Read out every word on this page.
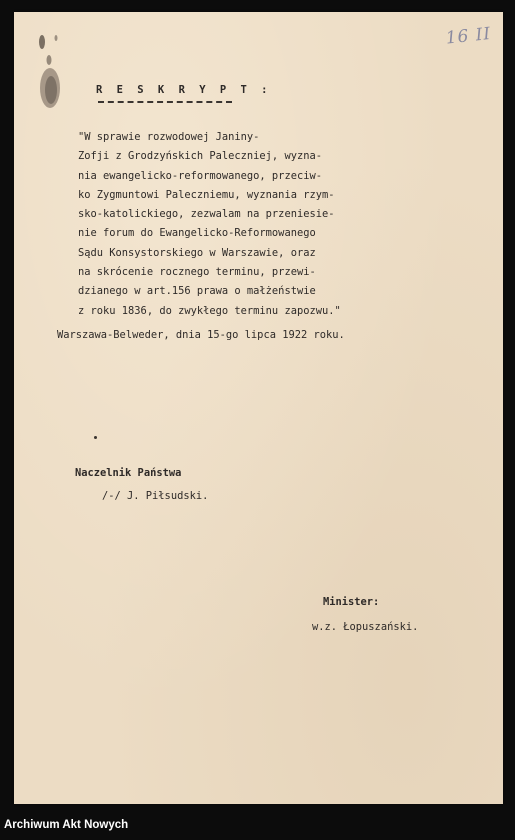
16 II
R E S K R Y P T :
"W sprawie rozwodowej Janiny-
Zofji z Grodzyńskich Paleczniej, wyzna-
nia ewangelicko-reformowanego, przeciw-
ko Zygmuntowi Paleczniemu, wyznania rzym-
sko-katolickiego, zezwalam na przeniesie-
nie forum do Ewangelicko-Reformowanego
Sądu Konsystorskiego w Warszawie, oraz
na skrócenie rocznego terminu, przewi-
dzianego w art.156 prawa o małżeństwie
z roku 1836, do zwykłego terminu zapozwu."
Warszawa-Belweder, dnia 15-go lipca 1922 roku.
Naczelnik Państwa
/-/ J. Piłsudski.
Minister:
w.z. Łopuszański.
Archiwum Akt Nowych
